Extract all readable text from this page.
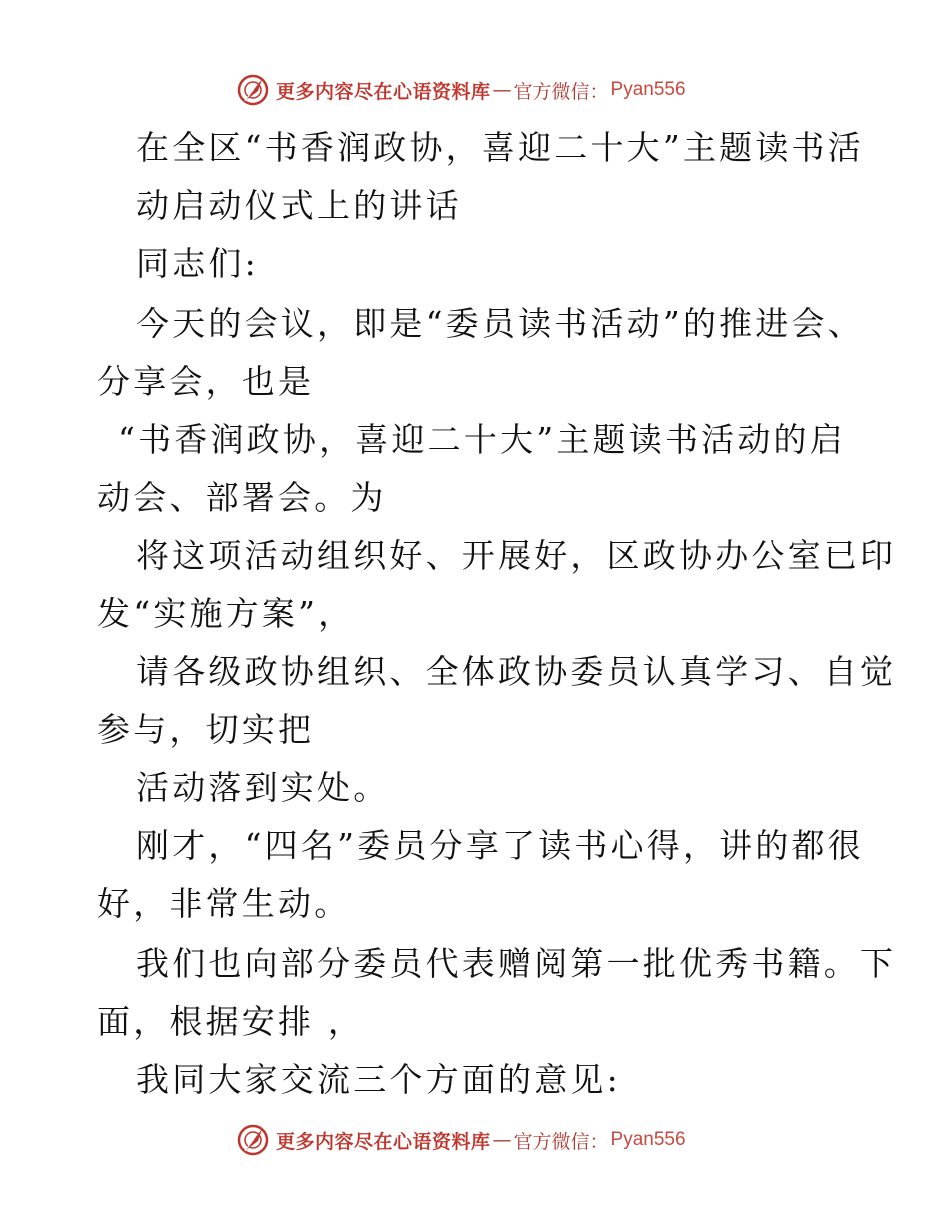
更多内容尽在心语资料库 — 官方微信： Pyan556
在全区“书香润政协，喜迎二十大”主题读书活
动启动仪式上的讲话
同志们:
今天的会议，即是“委员读书活动”的推进会、
分享会，也是
“书香润政协，喜迎二十大”主题读书活动的启
动会、部署会。为
将这项活动组织好、开展好，区政协办公室已印
发“实施方案”，
请各级政协组织、全体政协委员认真学习、自觉
参与，切实把
活动落到实处。
刚才，“四名”委员分享了读书心得，讲的都很
好，非常生动。
我们也向部分委员代表赠阅第一批优秀书籍。下
面，根据安排 ，
我同大家交流三个方面的意见:
更多内容尽在心语资料库 — 官方微信： Pyan556
